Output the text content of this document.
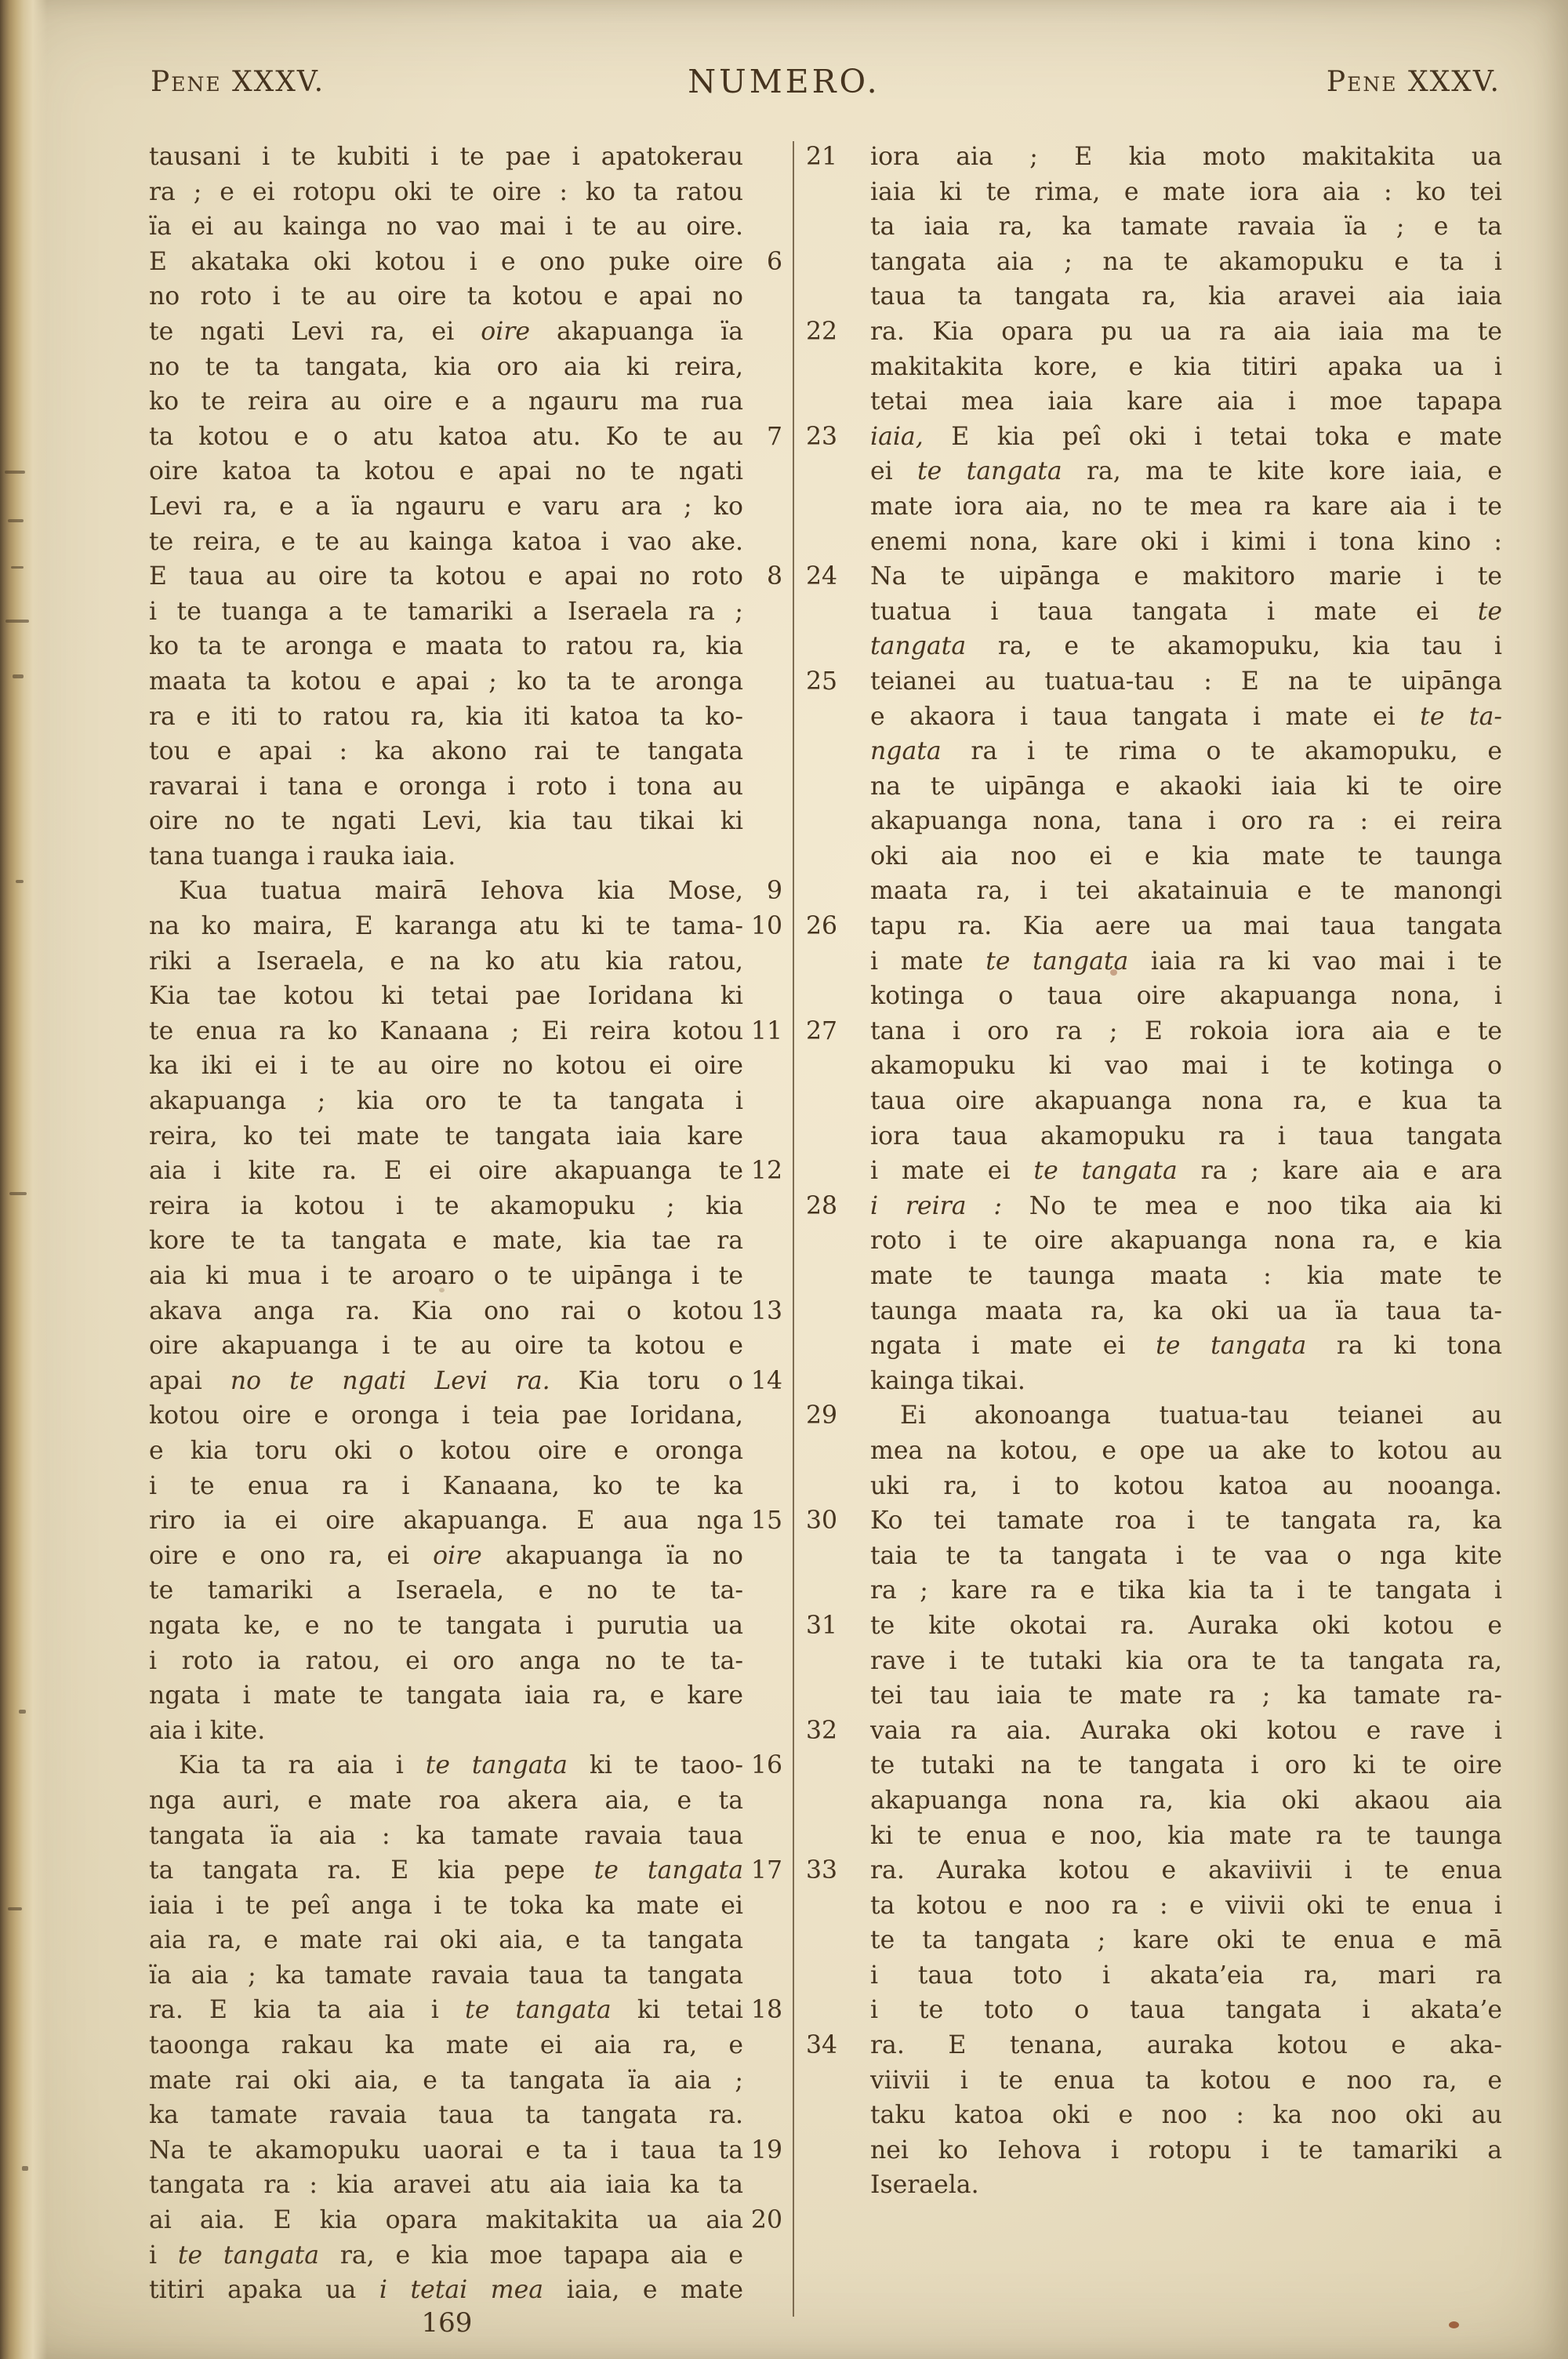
Pene XXXV.	NUMERO.	Pene XXXV.
tausani i te kubiti i te pae i apatokerau
ra ; e ei rotopu oki te oire : ko ta ratou
ïa ei au kainga no vao mai i te au oire.
E akataka oki kotou i e ono puke oire 6
no roto i te au oire ta kotou e apai no
te ngati Levi ra, ei oire akapuanga ïa
no te ta tangata, kia oro aia ki reira,
ko te reira au oire e a ngauru ma rua
ta kotou e o atu katoa atu. Ko te au 7
oire katoa ta kotou e apai no te ngati
Levi ra, e a ïa ngauru e varu ara ; ko
te reira, e te au kainga katoa i vao ake.
E taua au oire ta kotou e apai no roto 8
i te tuanga a te tamariki a Iseraela ra ;
ko ta te aronga e maata to ratou ra, kia
maata ta kotou e apai ; ko ta te aronga
ra e iti to ratou ra, kia iti katoa ta ko-
tou e apai : ka akono rai te tangata
ravarai i tana e oronga i roto i tona au
oire no te ngati Levi, kia tau tikai ki
tana tuanga i rauka iaia.
Kua tuatua mairā Iehova kia Mose, 9
na ko maira, E karanga atu ki te tama- 10
riki a Iseraela, e na ko atu kia ratou,
Kia tae kotou ki tetai pae Ioridana ki
te enua ra ko Kanaana ; Ei reira kotou 11
ka iki ei i te au oire no kotou ei oire
akapuanga ; kia oro te ta tangata i
reira, ko tei mate te tangata iaia kare
aia i kite ra. E ei oire akapuanga te 12
reira ia kotou i te akamopuku ; kia
kore te ta tangata e mate, kia tae ra
aia ki mua i te aroaro o te uipānga i te
akava anga ra. Kia ono rai o kotou 13
oire akapuanga i te au oire ta kotou e
apai no te ngati Levi ra. Kia toru o 14
kotou oire e oronga i teia pae Ioridana,
e kia toru oki o kotou oire e oronga
i te enua ra i Kanaana, ko te ka
riro ia ei oire akapuanga. E aua nga 15
oire e ono ra, ei oire akapuanga ïa no
te tamariki a Iseraela, e no te ta-
ngata ke, e no te tangata i purutia ua
i roto ia ratou, ei oro anga no te ta-
ngata i mate te tangata iaia ra, e kare
aia i kite.
Kia ta ra aia i te tangata ki te taoo- 16
nga auri, e mate roa akera aia, e ta
tangata ïa aia : ka tamate ravaia taua
ta tangata ra. E kia pepe te tangata 17
iaia i te peî anga i te toka ka mate ei
aia ra, e mate rai oki aia, e ta tangata
ïa aia ; ka tamate ravaia taua ta tangata
ra. E kia ta aia i te tangata ki tetai 18
taoonga rakau ka mate ei aia ra, e
mate rai oki aia, e ta tangata ïa aia ;
ka tamate ravaia taua ta tangata ra.
Na te akamopuku uaorai e ta i taua ta 19
tangata ra : kia aravei atu aia iaia ka ta
ai aia. E kia opara makitakita ua aia 20
i te tangata ra, e kia moe tapapa aia e
titiri apaka ua i tetai mea iaia, e mate
iora aia ; E kia moto makitakita ua
21
iaia ki te rima, e mate iora aia : ko tei
ta iaia ra, ka tamate ravaia ïa ; e ta
tangata aia ; na te akamopuku e ta i
taua ta tangata ra, kia aravei aia iaia
ra. Kia opara pu ua ra aia iaia ma te
22
makitakita kore, e kia titiri apaka ua i
tetai mea iaia kare aia i moe tapapa
iaia, E kia peî oki i tetai toka e mate
23
ei te tangata ra, ma te kite kore iaia, e
mate iora aia, no te mea ra kare aia i te
enemi nona, kare oki i kimi i tona kino :
Na te uipānga e makitoro marie i te
24
tuatua i taua tangata i mate ei te
tangata ra, e te akamopuku, kia tau i
teianei au tuatua-tau : E na te uipānga
25
e akaora i taua tangata i mate ei te ta-
ngata ra i te rima o te akamopuku, e
na te uipānga e akaoki iaia ki te oire
akapuanga nona, tana i oro ra : ei reira
oki aia noo ei e kia mate te taunga
maata ra, i tei akatainuia e te manongi
tapu ra. Kia aere ua mai taua tangata
26
i mate te tangata iaia ra ki vao mai i te
kotinga o taua oire akapuanga nona, i
tana i oro ra ; E rokoia iora aia e te
27
akamopuku ki vao mai i te kotinga o
taua oire akapuanga nona ra, e kua ta
iora taua akamopuku ra i taua tangata
i mate ei te tangata ra ; kare aia e ara
i reira : No te mea e noo tika aia ki
28
roto i te oire akapuanga nona ra, e kia
mate te taunga maata : kia mate te
taunga maata ra, ka oki ua ïa taua ta-
ngata i mate ei te tangata ra ki tona
kainga tikai.
Ei akonoanga tuatua-tau teianei au
29
mea na kotou, e ope ua ake to kotou au
uki ra, i to kotou katoa au nooanga.
Ko tei tamate roa i te tangata ra, ka
30
taia te ta tangata i te vaa o nga kite
ra ; kare ra e tika kia ta i te tangata i
te kite okotai ra. Auraka oki kotou e
31
rave i te tutaki kia ora te ta tangata ra,
tei tau iaia te mate ra ; ka tamate ra-
vaia ra aia. Auraka oki kotou e rave i
32
te tutaki na te tangata i oro ki te oire
akapuanga nona ra, kia oki akaou aia
ki te enua e noo, kia mate ra te taunga
ra. Auraka kotou e akaviivii i te enua
33
ta kotou e noo ra : e viivii oki te enua i
te ta tangata ; kare oki te enua e mā
i taua toto i akata’eia ra, mari ra
i te toto o taua tangata i akata’e
ra. E tenana, auraka kotou e aka-
34
viivii i te enua ta kotou e noo ra, e
taku katoa oki e noo : ka noo oki au
nei ko Iehova i rotopu i te tamariki a
Iseraela.
169
